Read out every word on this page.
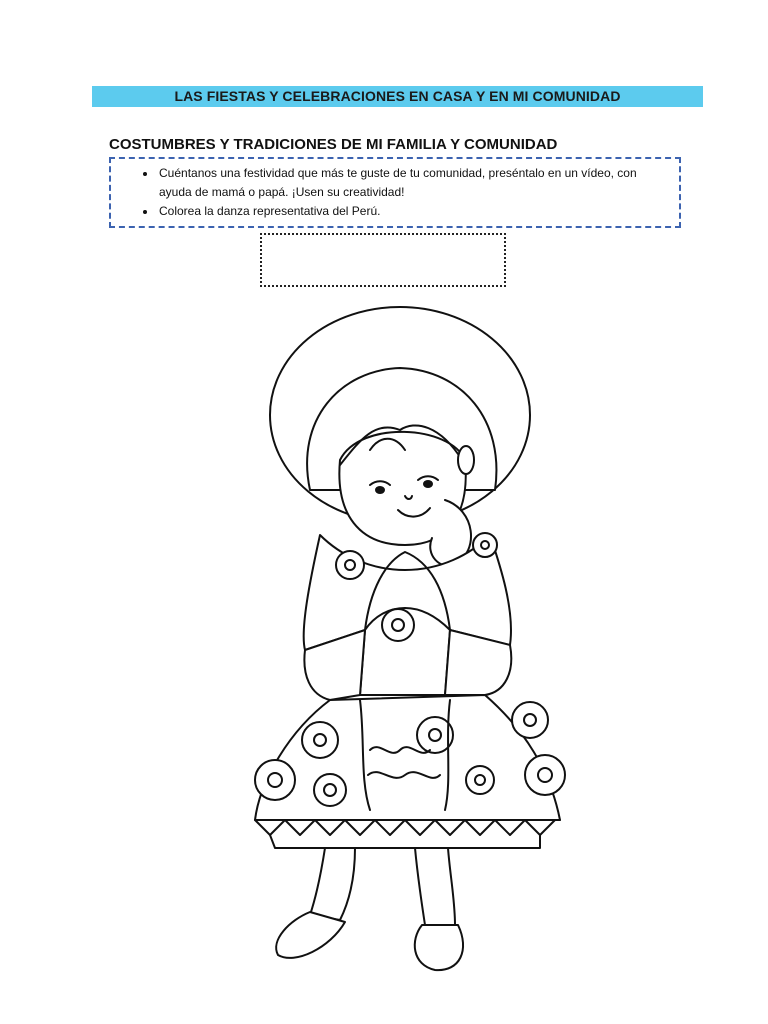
LAS FIESTAS Y CELEBRACIONES EN CASA Y EN MI COMUNIDAD
COSTUMBRES Y TRADICIONES DE MI FAMILIA Y COMUNIDAD
• Cuéntanos una festividad que más te guste de tu comunidad, preséntalo en un vídeo, con ayuda de mamá o papá. ¡Usen su creatividad!
• Colorea la danza representativa del Perú.
